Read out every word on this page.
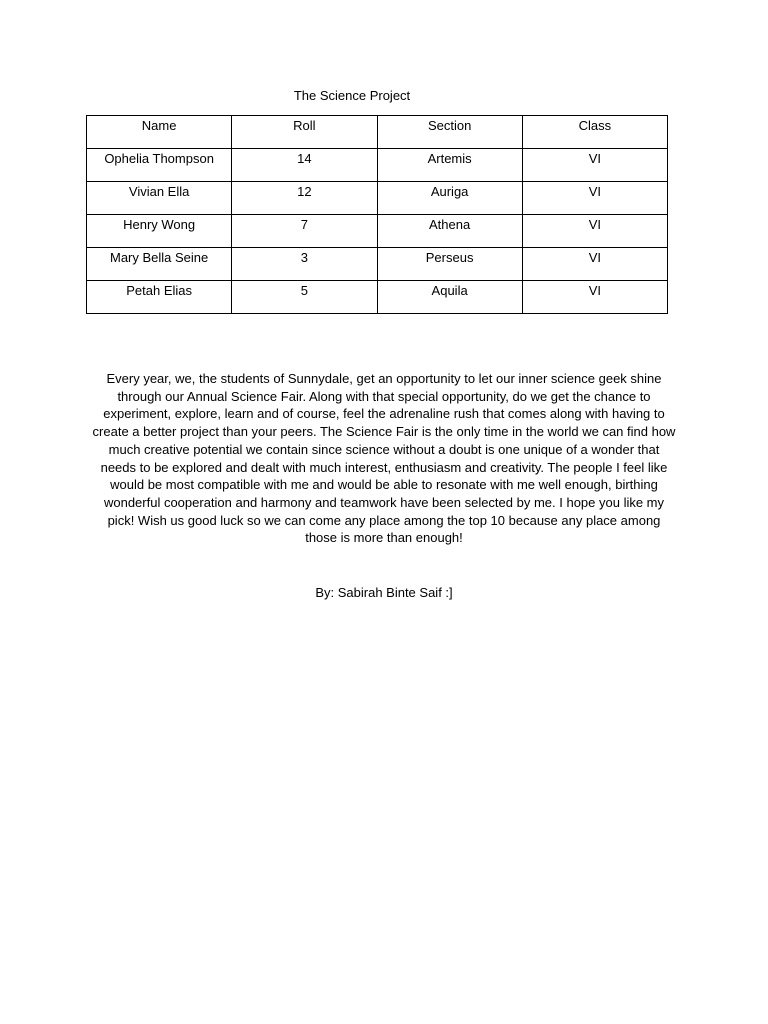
The Science Project
Name	Roll	Section	Class

Ophelia Thompson	14	Artemis	VI

Vivian Ella	12	Auriga	VI

Henry Wong	7	Athena	VI

Mary Bella Seine	3	Perseus	VI

Petah Elias	5	Aquila	VI

Every year, we, the students of Sunnydale, get an opportunity to let our inner science geek shine through our Annual Science Fair. Along with that special opportunity, do we get the chance to experiment, explore, learn and of course, feel the adrenaline rush that comes along with having to create a better project than your peers. The Science Fair is the only time in the world we can find how much creative potential we contain since science without a doubt is one unique of a wonder that needs to be explored and dealt with much interest, enthusiasm and creativity. The people I feel like would be most compatible with me and would be able to resonate with me well enough, birthing wonderful cooperation and harmony and teamwork have been selected by me. I hope you like my pick! Wish us good luck so we can come any place among the top 10 because any place among those is more than enough!

By: Sabirah Binte Saif :]
